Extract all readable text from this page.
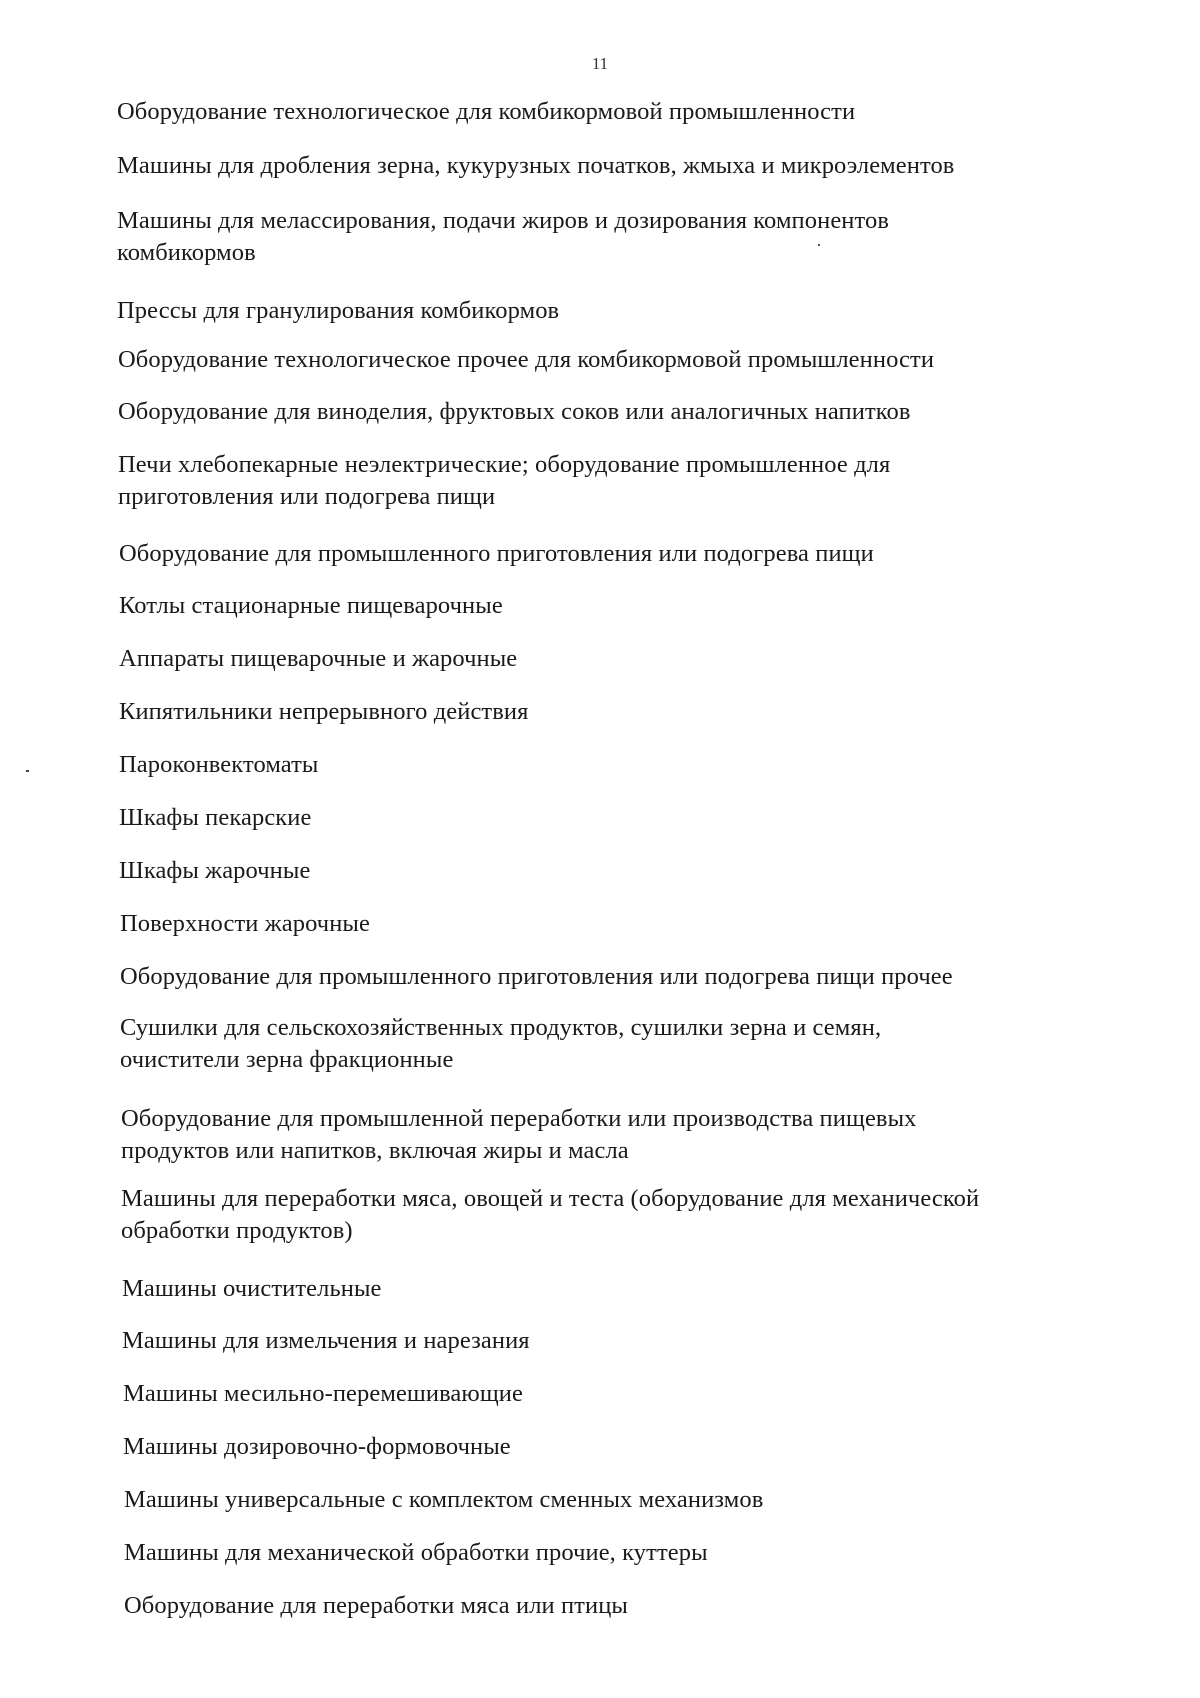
11
Оборудование технологическое для комбикормовой промышленности
Машины для дробления зерна, кукурузных початков, жмыха и микроэлементов
Машины для мелассирования, подачи жиров и дозирования компонентов
комбикормов
Прессы для гранулирования комбикормов
Оборудование технологическое прочее для комбикормовой промышленности
Оборудование для виноделия, фруктовых соков или аналогичных напитков
Печи хлебопекарные неэлектрические; оборудование промышленное для
приготовления или подогрева пищи
Оборудование для промышленного приготовления или подогрева пищи
Котлы стационарные пищеварочные
Аппараты пищеварочные и жарочные
Кипятильники непрерывного действия
Пароконвектоматы
Шкафы пекарские
Шкафы жарочные
Поверхности жарочные
Оборудование для промышленного приготовления или подогрева пищи прочее
Сушилки для сельскохозяйственных продуктов, сушилки зерна и семян,
очистители зерна фракционные
Оборудование для промышленной переработки или производства пищевых
продуктов или напитков, включая жиры и масла
Машины для переработки мяса, овощей и теста (оборудование для механической
обработки продуктов)
Машины очистительные
Машины для измельчения и нарезания
Машины месильно-перемешивающие
Машины дозировочно-формовочные
Машины универсальные с комплектом сменных механизмов
Машины для механической обработки прочие, куттеры
Оборудование для переработки мяса или птицы
